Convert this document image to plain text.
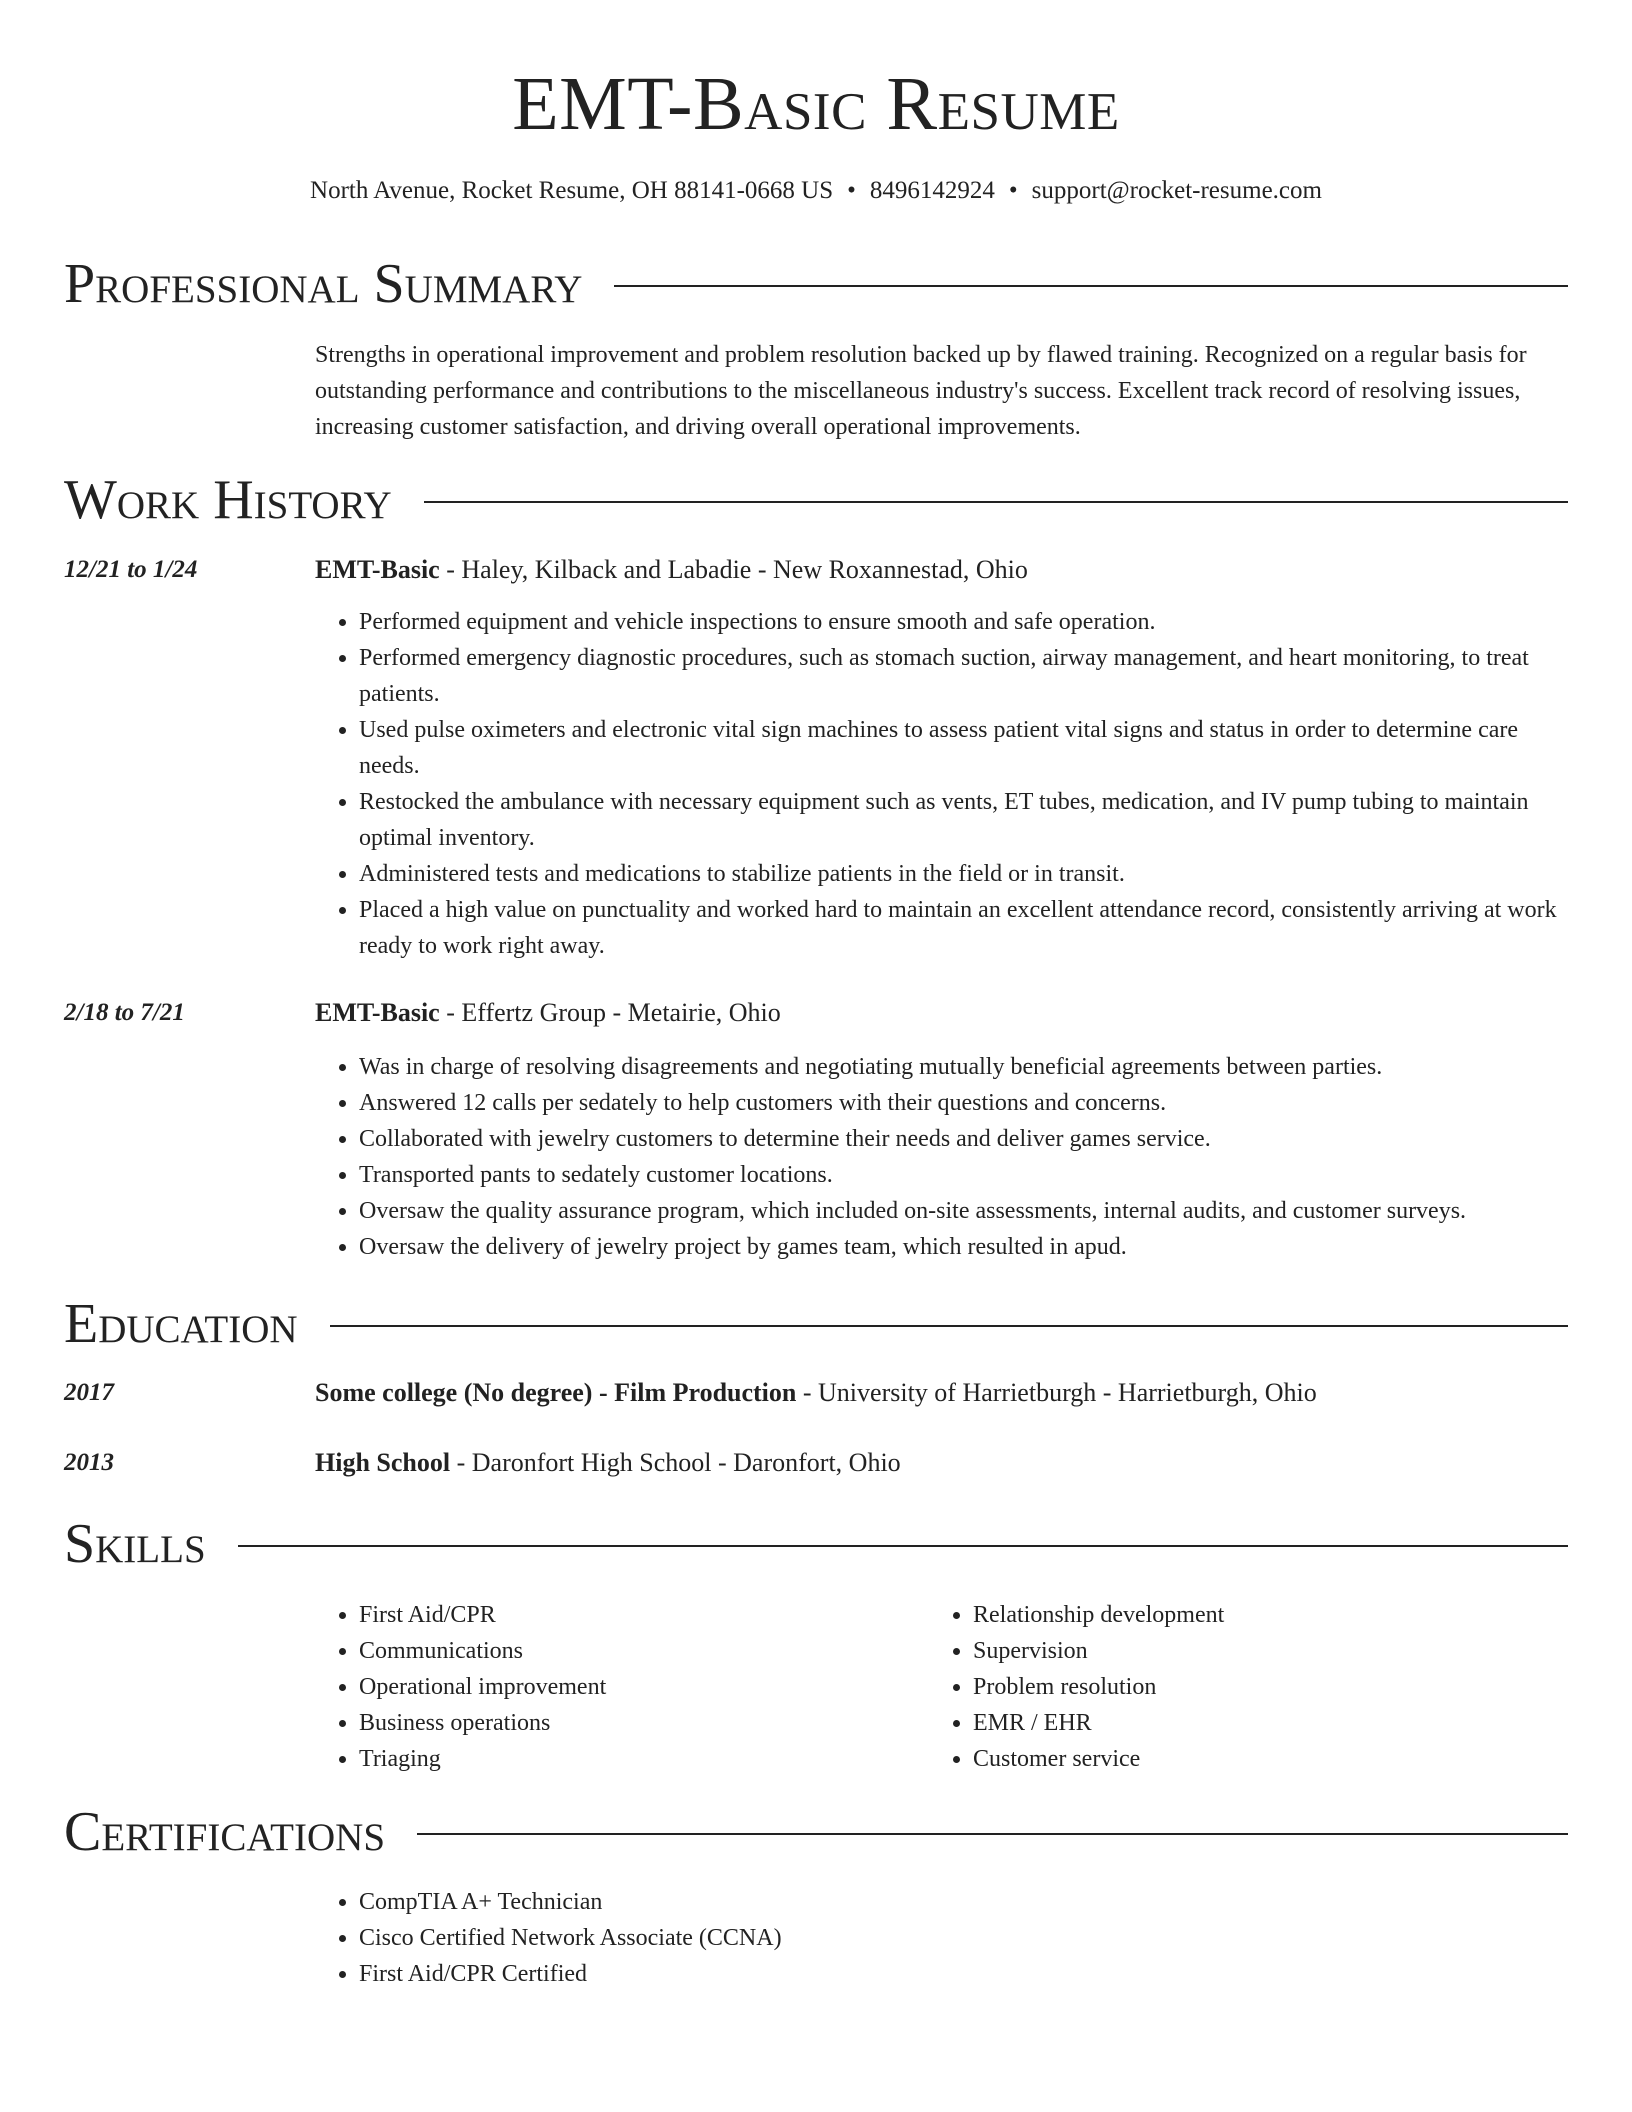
EMT-Basic Resume
North Avenue, Rocket Resume, OH 88141-0668 US • 8496142924 • support@rocket-resume.com
Professional Summary
Strengths in operational improvement and problem resolution backed up by flawed training. Recognized on a regular basis for outstanding performance and contributions to the miscellaneous industry's success. Excellent track record of resolving issues, increasing customer satisfaction, and driving overall operational improvements.
Work History
12/21 to 1/24	EMT-Basic - Haley, Kilback and Labadie - New Roxannestad, Ohio
• Performed equipment and vehicle inspections to ensure smooth and safe operation.
• Performed emergency diagnostic procedures, such as stomach suction, airway management, and heart monitoring, to treat patients.
• Used pulse oximeters and electronic vital sign machines to assess patient vital signs and status in order to determine care needs.
• Restocked the ambulance with necessary equipment such as vents, ET tubes, medication, and IV pump tubing to maintain optimal inventory.
• Administered tests and medications to stabilize patients in the field or in transit.
• Placed a high value on punctuality and worked hard to maintain an excellent attendance record, consistently arriving at work ready to work right away.
2/18 to 7/21	EMT-Basic - Effertz Group - Metairie, Ohio
• Was in charge of resolving disagreements and negotiating mutually beneficial agreements between parties.
• Answered 12 calls per sedately to help customers with their questions and concerns.
• Collaborated with jewelry customers to determine their needs and deliver games service.
• Transported pants to sedately customer locations.
• Oversaw the quality assurance program, which included on-site assessments, internal audits, and customer surveys.
• Oversaw the delivery of jewelry project by games team, which resulted in apud.
Education
2017	Some college (No degree) - Film Production - University of Harrietburgh - Harrietburgh, Ohio
2013	High School - Daronfort High School - Daronfort, Ohio
Skills
• First Aid/CPR
• Communications
• Operational improvement
• Business operations
• Triaging
• Relationship development
• Supervision
• Problem resolution
• EMR / EHR
• Customer service
Certifications
• CompTIA A+ Technician
• Cisco Certified Network Associate (CCNA)
• First Aid/CPR Certified
